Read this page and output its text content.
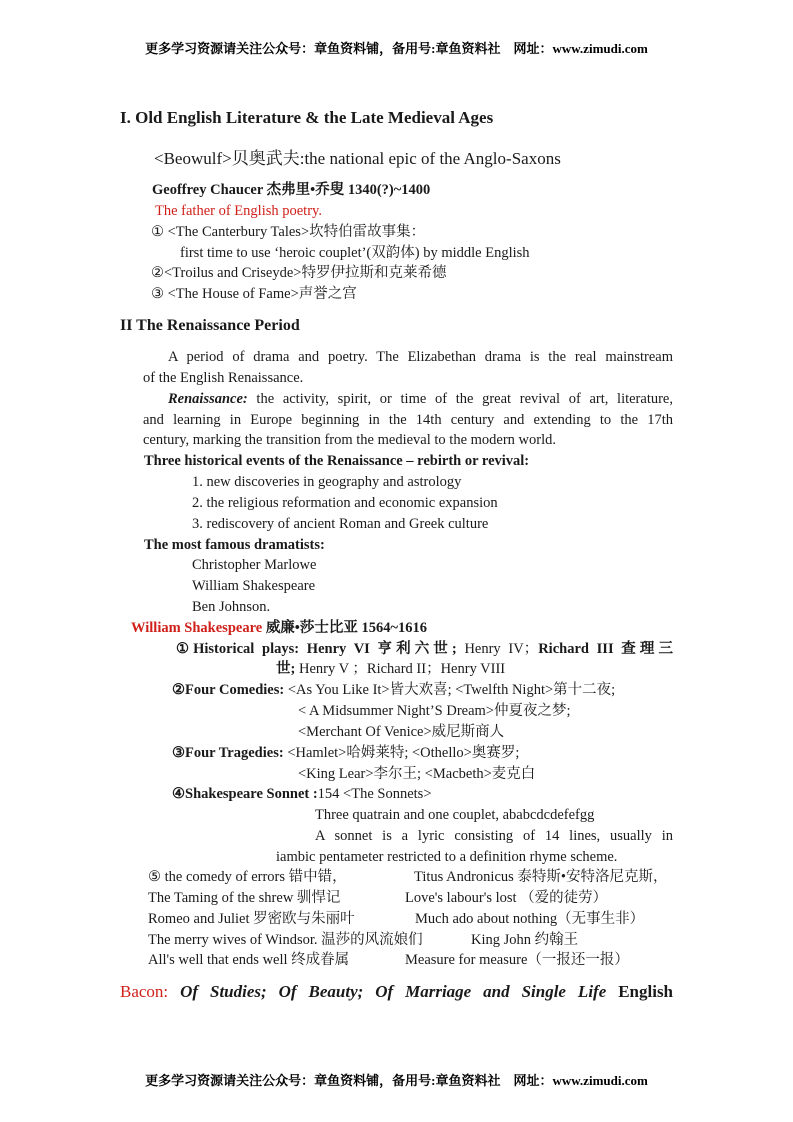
更多学习资源请关注公众号：章鱼资料铺，备用号:章鱼资料社　网址：www.zimudi.com
I. Old English Literature & the Late Medieval Ages
<Beowulf>贝奥武夫:the national epic of the Anglo-Saxons
Geoffrey Chaucer 杰弗里•乔叟 1340(?)~1400
The father of English poetry.
① <The Canterbury Tales>坎特伯雷故事集：
first time to use ‘heroic couplet’(双韵体) by middle English
②<Troilus and Criseyde>特罗伊拉斯和克莱希德
③ <The House of Fame>声誉之宫
II The Renaissance Period
A period of drama and poetry. The Elizabethan drama is the real mainstream
of the English Renaissance.
Renaissance: the activity, spirit, or time of the great revival of art, literature,
and learning in Europe beginning in the 14th century and extending to the 17th
century, marking the transition from the medieval to the modern world.
Three historical events of the Renaissance – rebirth or revival:
1. new discoveries in geography and astrology
2. the religious reformation and economic expansion
3. rediscovery of ancient Roman and Greek culture
The most famous dramatists:
Christopher Marlowe
William Shakespeare
Ben Johnson.
William Shakespeare 威廉•莎士比亚 1564~1616
①Historical plays: Henry VI 亨利六世; Henry IV；Richard III 查理三
世; Henry V ；Richard II；Henry VIII
②Four Comedies: <As You Like It>皆大欢喜; <Twelfth Night>第十二夜;
< A Midsummer Night’S Dream>仲夏夜之梦;
<Merchant Of Venice>威尼斯商人
③Four Tragedies: <Hamlet>哈姆莱特; <Othello>奥赛罗;
<King Lear>李尔王; <Macbeth>麦克白
④Shakespeare Sonnet :154 <The Sonnets>
Three quatrain and one couplet, ababcdcdefefgg
A sonnet is a lyric consisting of 14 lines, usually in
iambic pentameter restricted to a definition rhyme scheme.
⑤ the comedy of errors 错中错，	Titus Andronicus 泰特斯•安特洛尼克斯，
The Taming of the shrew 驯悍记	Love's labour's lost （爱的徒劳）
Romeo and Juliet 罗密欧与朱丽叶	Much ado about nothing（无事生非）
The merry wives of Windsor. 温莎的风流娘们	King John 约翰王
All's well that ends well 终成眷属	Measure for measure（一报还一报）
Bacon: Of Studies; Of Beauty; Of Marriage and Single Life English
更多学习资源请关注公众号：章鱼资料铺，备用号:章鱼资料社　网址：www.zimudi.com
